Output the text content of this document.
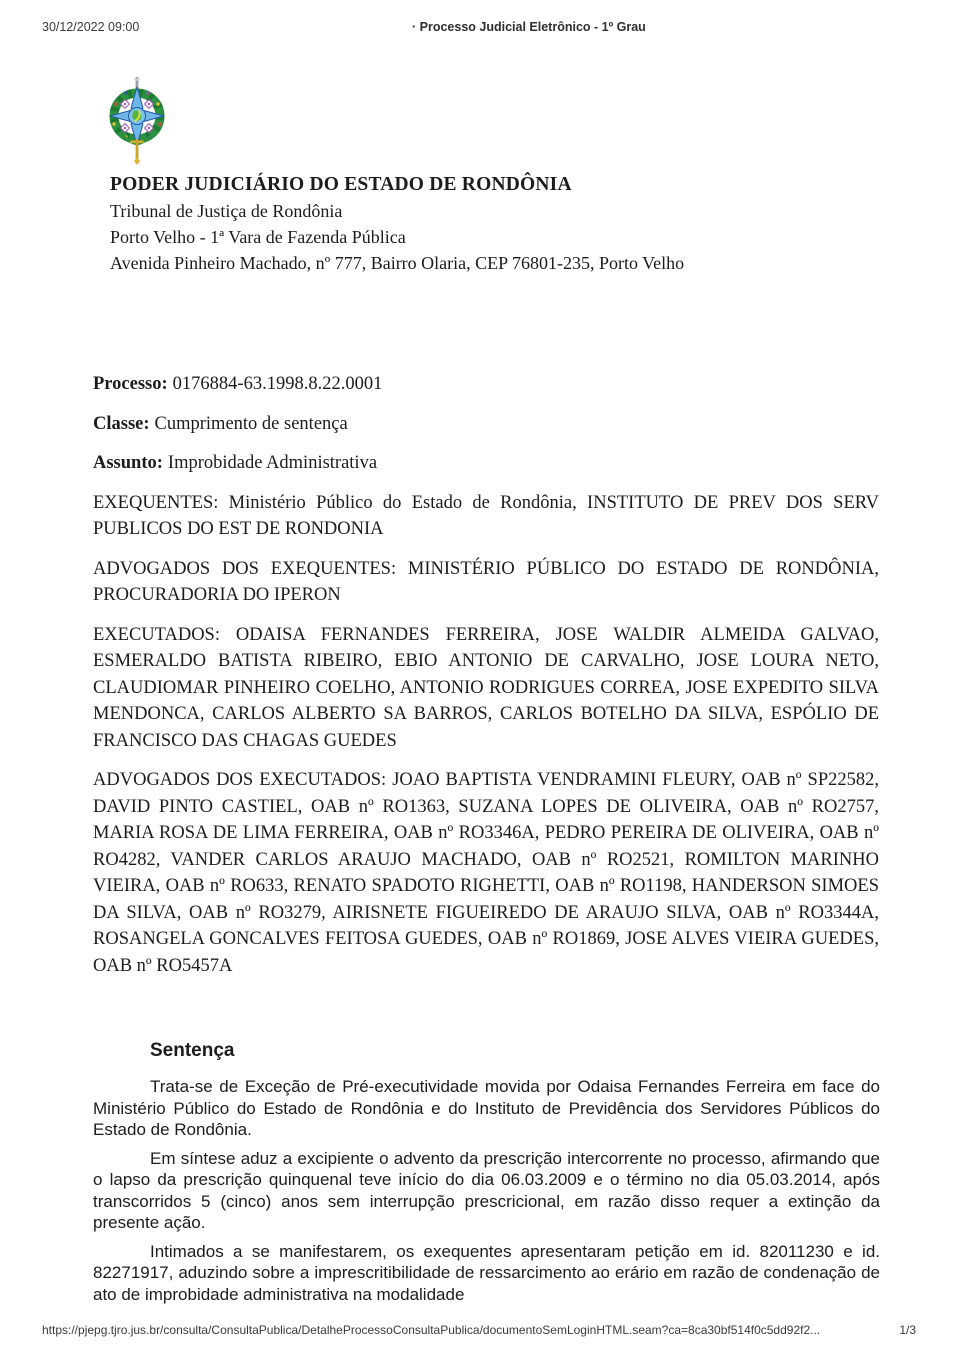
30/12/2022 09:00	· Processo Judicial Eletrônico - 1º Grau
PODER JUDICIÁRIO DO ESTADO DE RONDÔNIA
Tribunal de Justiça de Rondônia
Porto Velho - 1ª Vara de Fazenda Pública
Avenida Pinheiro Machado, nº 777, Bairro Olaria, CEP 76801-235, Porto Velho

Processo: 0176884-63.1998.8.22.0001

Classe: Cumprimento de sentença

Assunto: Improbidade Administrativa

EXEQUENTES: Ministério Público do Estado de Rondônia, INSTITUTO DE PREV DOS SERV PUBLICOS DO EST DE RONDONIA

ADVOGADOS DOS EXEQUENTES: MINISTÉRIO PÚBLICO DO ESTADO DE RONDÔNIA, PROCURADORIA DO IPERON

EXECUTADOS: ODAISA FERNANDES FERREIRA, JOSE WALDIR ALMEIDA GALVAO, ESMERALDO BATISTA RIBEIRO, EBIO ANTONIO DE CARVALHO, JOSE LOURA NETO, CLAUDIOMAR PINHEIRO COELHO, ANTONIO RODRIGUES CORREA, JOSE EXPEDITO SILVA MENDONCA, CARLOS ALBERTO SA BARROS, CARLOS BOTELHO DA SILVA, ESPÓLIO DE FRANCISCO DAS CHAGAS GUEDES

ADVOGADOS DOS EXECUTADOS: JOAO BAPTISTA VENDRAMINI FLEURY, OAB nº SP22582, DAVID PINTO CASTIEL, OAB nº RO1363, SUZANA LOPES DE OLIVEIRA, OAB nº RO2757, MARIA ROSA DE LIMA FERREIRA, OAB nº RO3346A, PEDRO PEREIRA DE OLIVEIRA, OAB nº RO4282, VANDER CARLOS ARAUJO MACHADO, OAB nº RO2521, ROMILTON MARINHO VIEIRA, OAB nº RO633, RENATO SPADOTO RIGHETTI, OAB nº RO1198, HANDERSON SIMOES DA SILVA, OAB nº RO3279, AIRISNETE FIGUEIREDO DE ARAUJO SILVA, OAB nº RO3344A, ROSANGELA GONCALVES FEITOSA GUEDES, OAB nº RO1869, JOSE ALVES VIEIRA GUEDES, OAB nº RO5457A

Sentença

Trata-se de Exceção de Pré-executividade movida por Odaisa Fernandes Ferreira em face do Ministério Público do Estado de Rondônia e do Instituto de Previdência dos Servidores Públicos do Estado de Rondônia.

Em síntese aduz a excipiente o advento da prescrição intercorrente no processo, afirmando que o lapso da prescrição quinquenal teve início do dia 06.03.2009 e o término no dia 05.03.2014, após transcorridos 5 (cinco) anos sem interrupção prescricional, em razão disso requer a extinção da presente ação.

Intimados a se manifestarem, os exequentes apresentaram petição em id. 82011230 e id. 82271917, aduzindo sobre a imprescritibilidade de ressarcimento ao erário em razão de condenação de ato de improbidade administrativa na modalidade

https://pjepg.tjro.jus.br/consulta/ConsultaPublica/DetalheProcessoConsultaPublica/documentoSemLoginHTML.seam?ca=8ca30bf514f0c5dd92f2...	1/3
